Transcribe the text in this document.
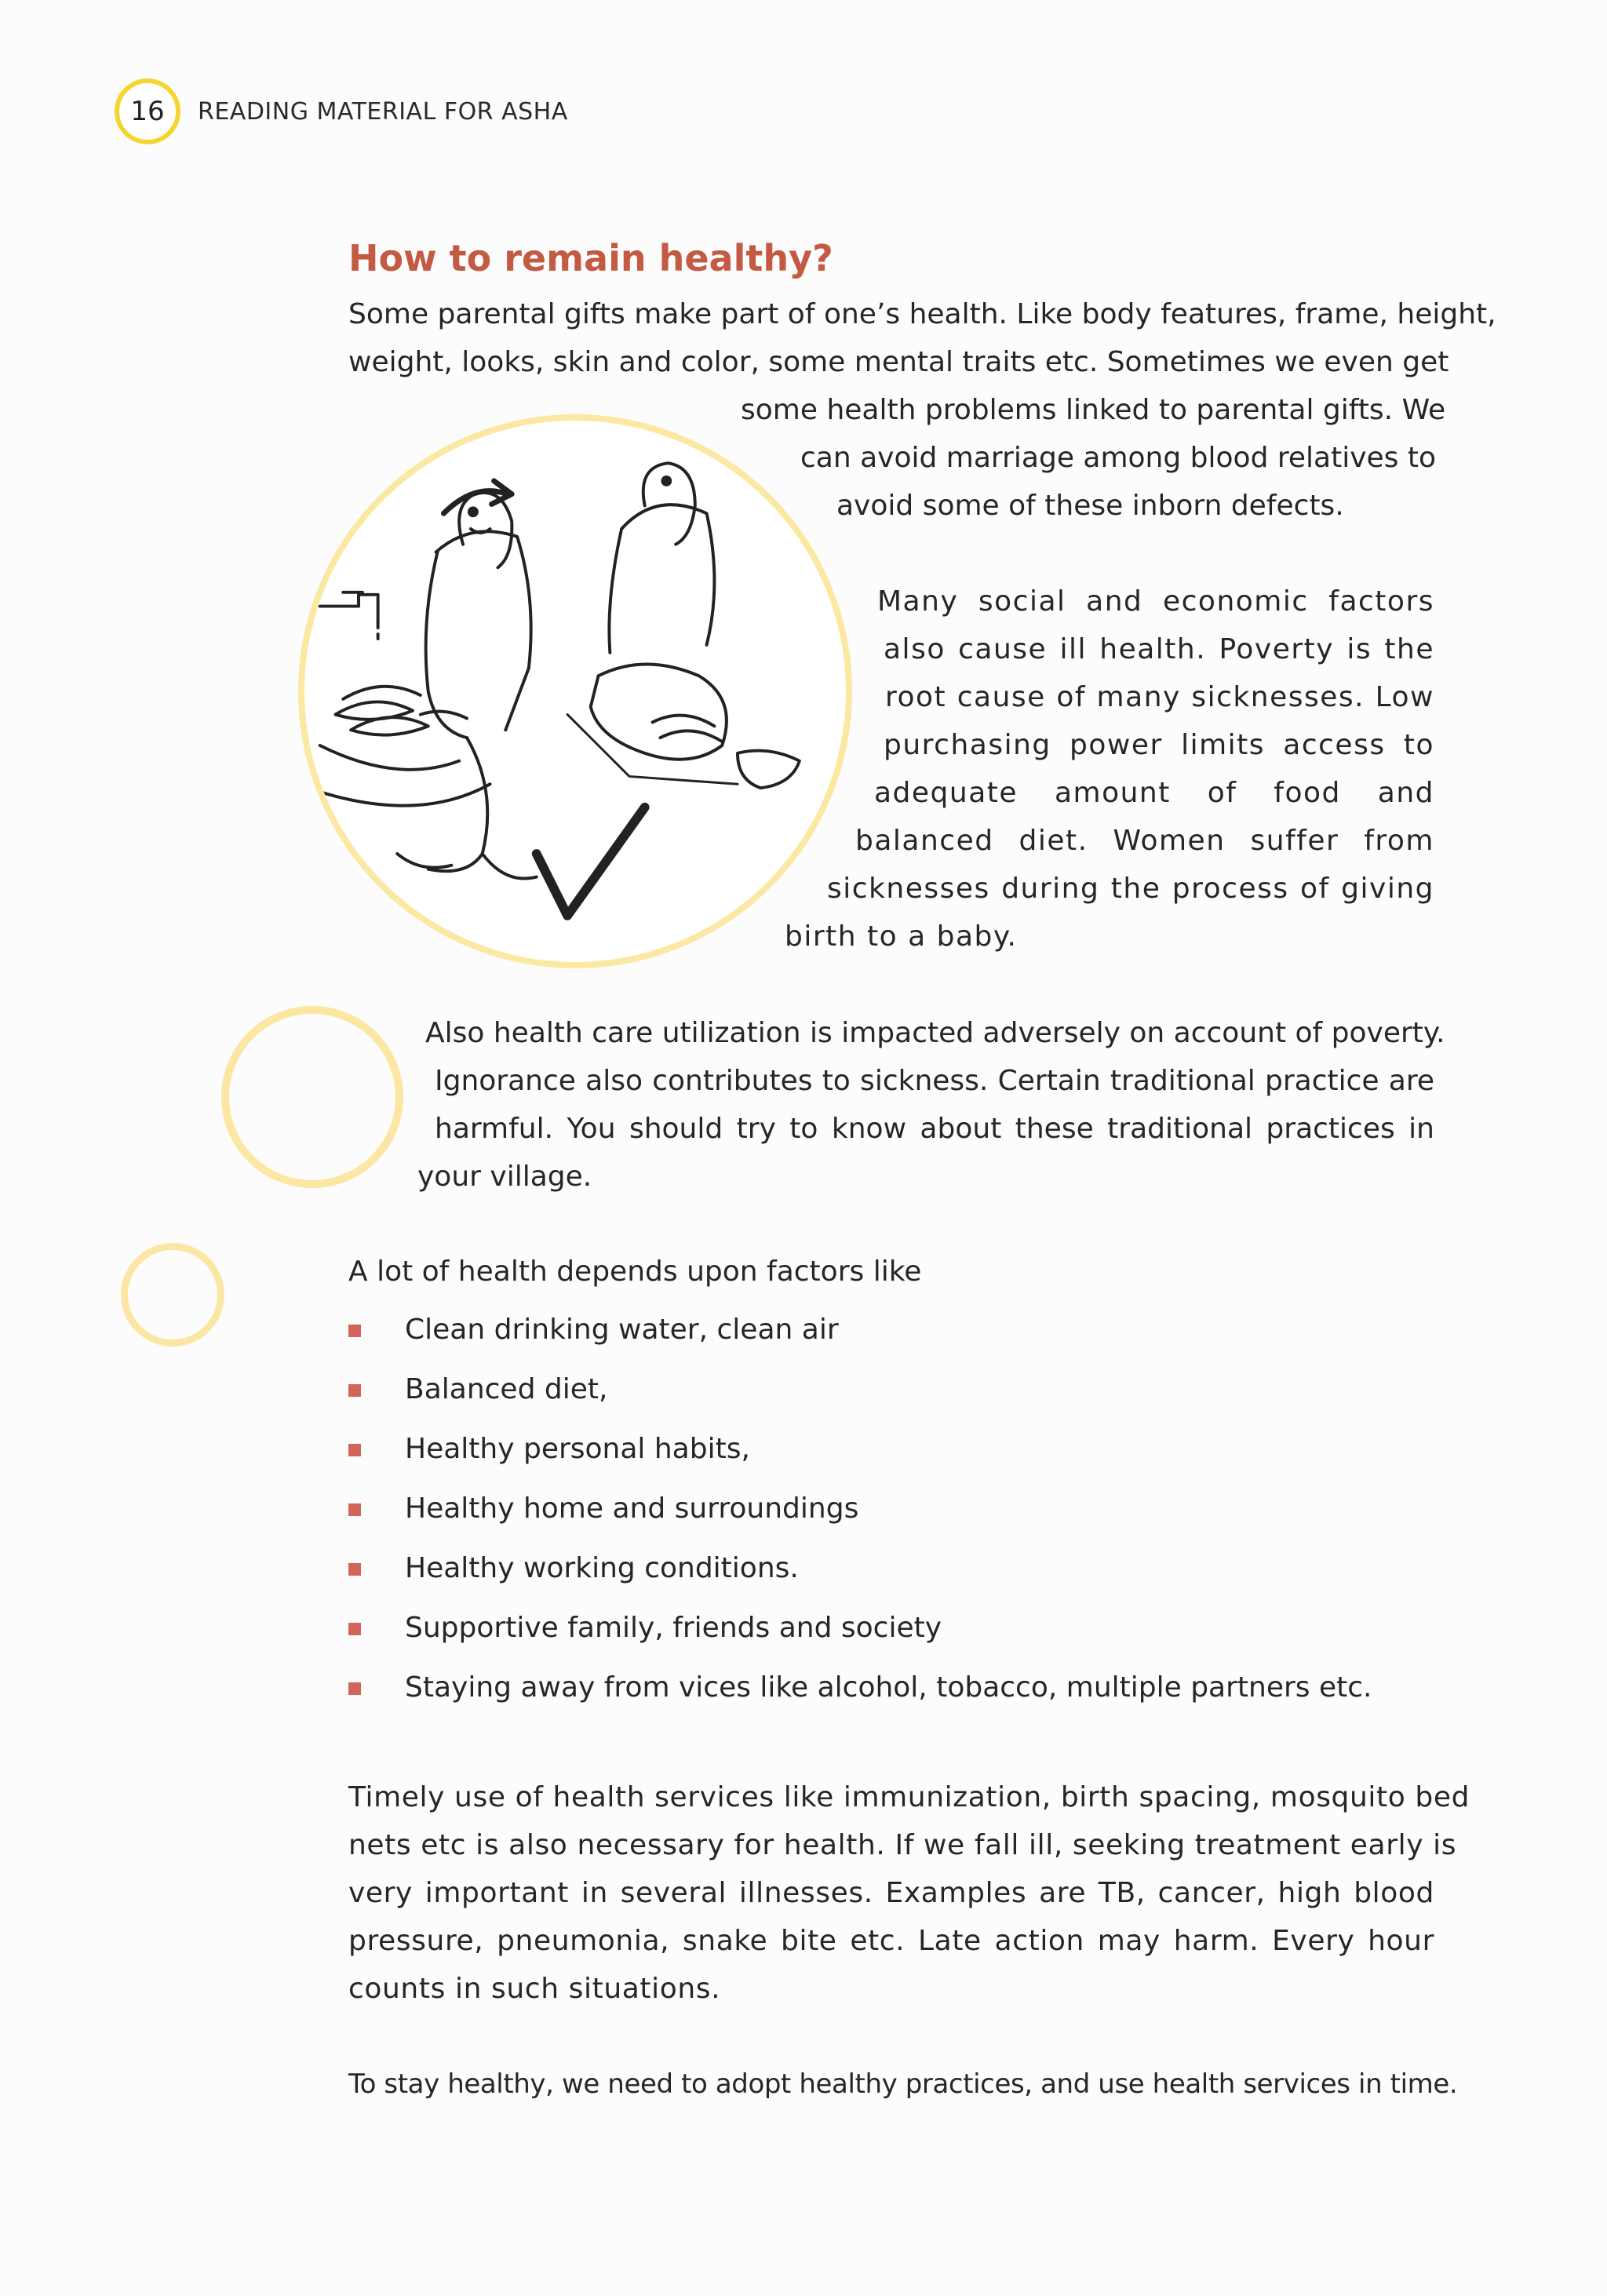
16	READING MATERIAL FOR ASHA
How to remain healthy?
Some parental gifts make part of one’s health. Like body features, frame, height,
weight, looks, skin and color, some mental traits etc. Sometimes we even get
some health problems linked to parental gifts. We
can avoid marriage among blood relatives to
avoid some of these inborn defects.
Many social and economic factors
also cause ill health. Poverty is the
root cause of many sicknesses. Low
purchasing power limits access to
adequate amount of food and
balanced diet. Women suffer from
sicknesses during the process of giving
birth to a baby.
Also health care utilization is impacted adversely on account of poverty.
Ignorance also contributes to sickness. Certain traditional practice are
harmful. You should try to know about these traditional practices in
your village.
A lot of health depends upon factors like
Clean drinking water, clean air
Balanced diet,
Healthy personal habits,
Healthy home and surroundings
Healthy working conditions.
Supportive family, friends and society
Staying away from vices like alcohol, tobacco, multiple partners etc.
Timely use of health services like immunization, birth spacing, mosquito bed
nets etc is also necessary for health. If we fall ill, seeking treatment early is
very important in several illnesses. Examples are TB, cancer, high blood
pressure, pneumonia, snake bite etc. Late action may harm. Every hour
counts in such situations.
To stay healthy, we need to adopt healthy practices, and use health services in time.
